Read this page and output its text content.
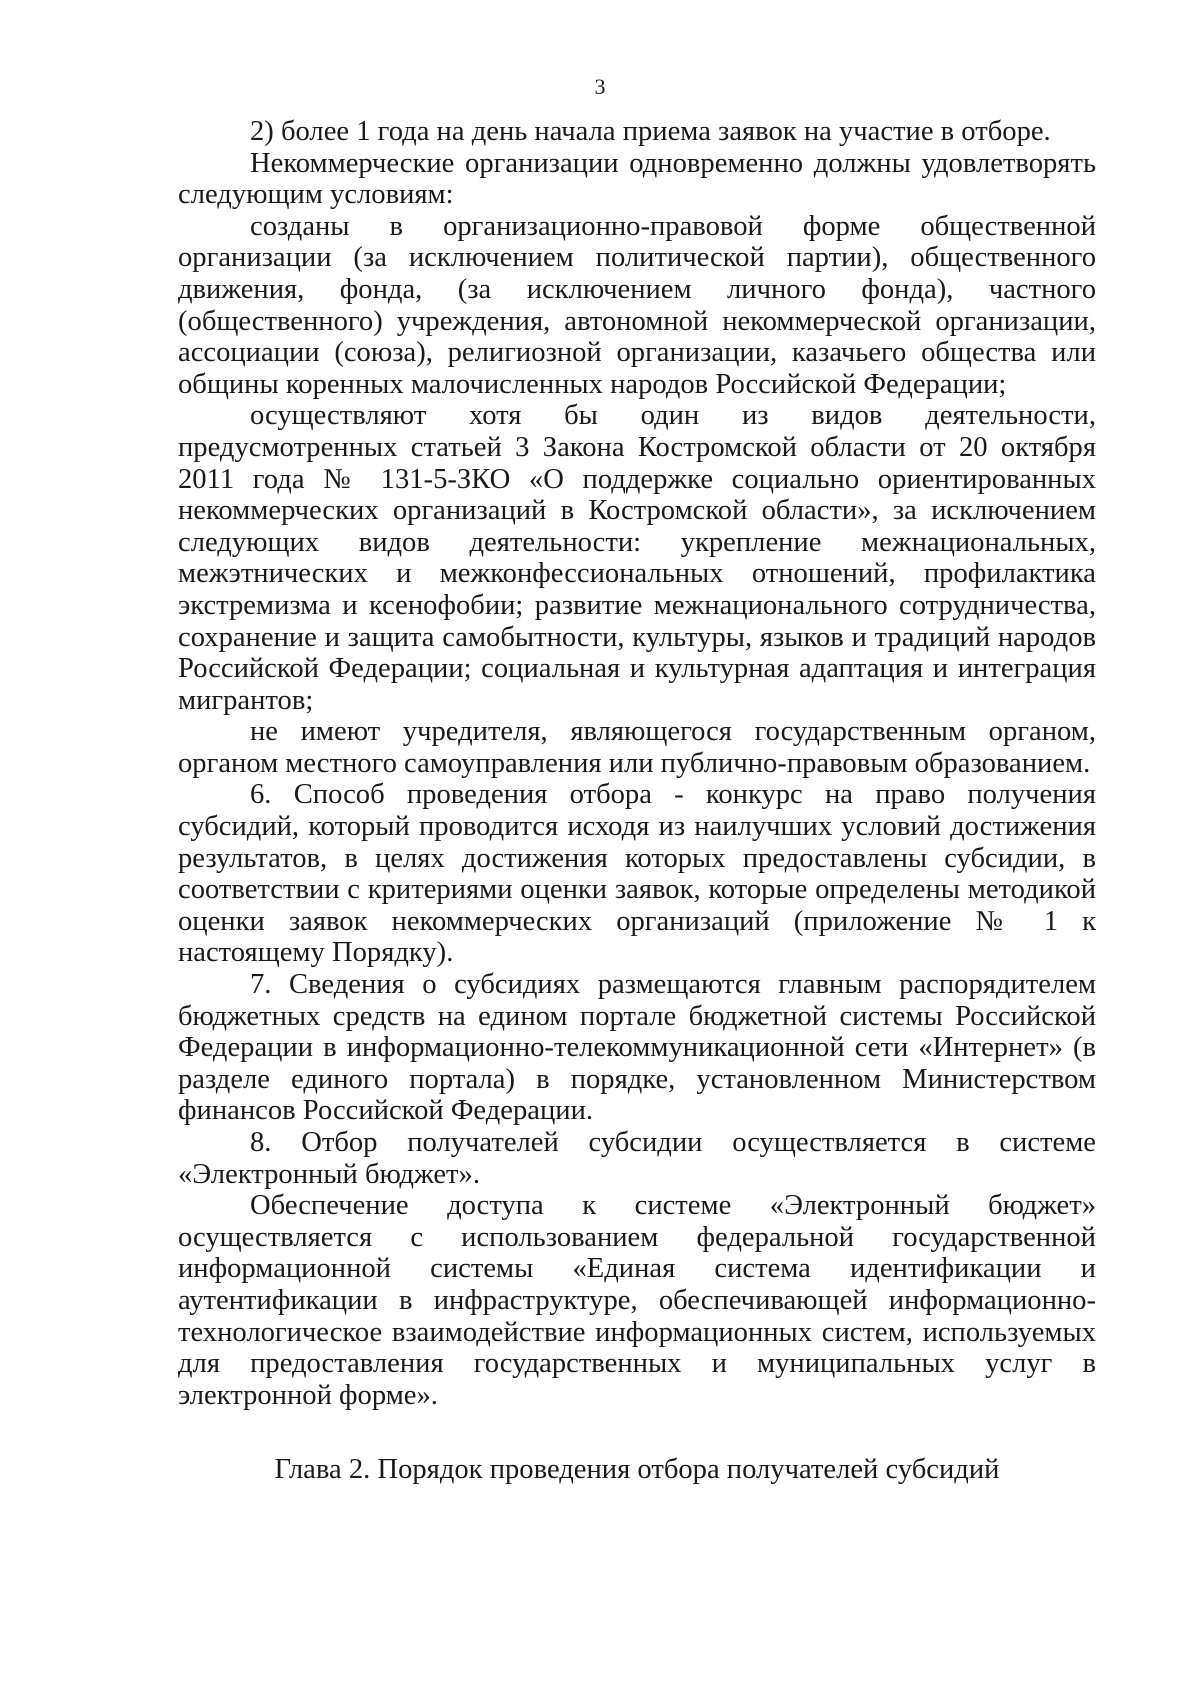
3

2) более 1 года на день начала приема заявок на участие в отборе.

Некоммерческие организации одновременно должны удовлетворять следующим условиям:

созданы в организационно-правовой форме общественной организации (за исключением политической партии), общественного движения, фонда, (за исключением личного фонда), частного (общественного) учреждения, автономной некоммерческой организации, ассоциации (союза), религиозной организации, казачьего общества или общины коренных малочисленных народов Российской Федерации;

осуществляют хотя бы один из видов деятельности, предусмотренных статьей 3 Закона Костромской области от 20 октября 2011 года № 131-5-ЗКО «О поддержке социально ориентированных некоммерческих организаций в Костромской области», за исключением следующих видов деятельности: укрепление межнациональных, межэтнических и межконфессиональных отношений, профилактика экстремизма и ксенофобии; развитие межнационального сотрудничества, сохранение и защита самобытности, культуры, языков и традиций народов Российской Федерации; социальная и культурная адаптация и интеграция мигрантов;

не имеют учредителя, являющегося государственным органом, органом местного самоуправления или публично-правовым образованием.

6. Способ проведения отбора - конкурс на право получения субсидий, который проводится исходя из наилучших условий достижения результатов, в целях достижения которых предоставлены субсидии, в соответствии с критериями оценки заявок, которые определены методикой оценки заявок некоммерческих организаций (приложение № 1 к настоящему Порядку).

7. Сведения о субсидиях размещаются главным распорядителем бюджетных средств на едином портале бюджетной системы Российской Федерации в информационно-телекоммуникационной сети «Интернет» (в разделе единого портала) в порядке, установленном Министерством финансов Российской Федерации.

8. Отбор получателей субсидии осуществляется в системе «Электронный бюджет».

Обеспечение доступа к системе «Электронный бюджет» осуществляется с использованием федеральной государственной информационной системы «Единая система идентификации и аутентификации в инфраструктуре, обеспечивающей информационно-технологическое взаимодействие информационных систем, используемых для предоставления государственных и муниципальных услуг в электронной форме».

Глава 2. Порядок проведения отбора получателей субсидий
